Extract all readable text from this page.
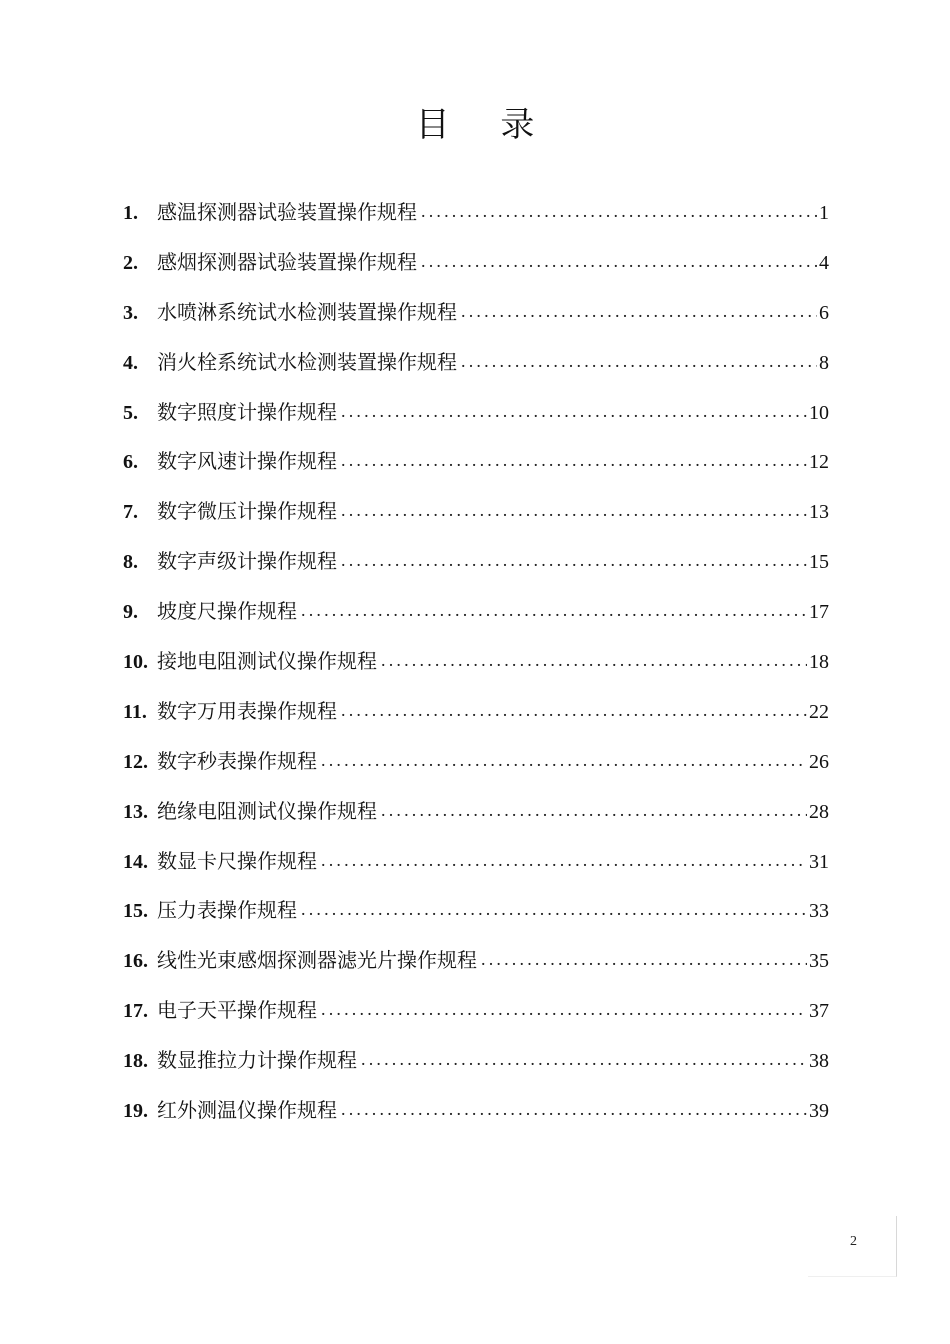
目 录
1. 感温探测器试验装置操作规程 .....	1
2. 感烟探测器试验装置操作规程 .....	4
3. 水喷淋系统试水检测装置操作规程 .....	6
4. 消火栓系统试水检测装置操作规程 .....	8
5. 数字照度计操作规程 .....	10
6. 数字风速计操作规程 .....	12
7. 数字微压计操作规程 .....	13
8. 数字声级计操作规程 .....	15
9. 坡度尺操作规程 .....	17
10. 接地电阻测试仪操作规程 .....	18
11. 数字万用表操作规程 .....	22
12. 数字秒表操作规程 .....	26
13. 绝缘电阻测试仪操作规程 .....	28
14. 数显卡尺操作规程 .....	31
15. 压力表操作规程 .....	33
16. 线性光束感烟探测器滤光片操作规程 .....	35
17. 电子天平操作规程 .....	37
18. 数显推拉力计操作规程 .....	38
19. 红外测温仪操作规程 .....	39
2
